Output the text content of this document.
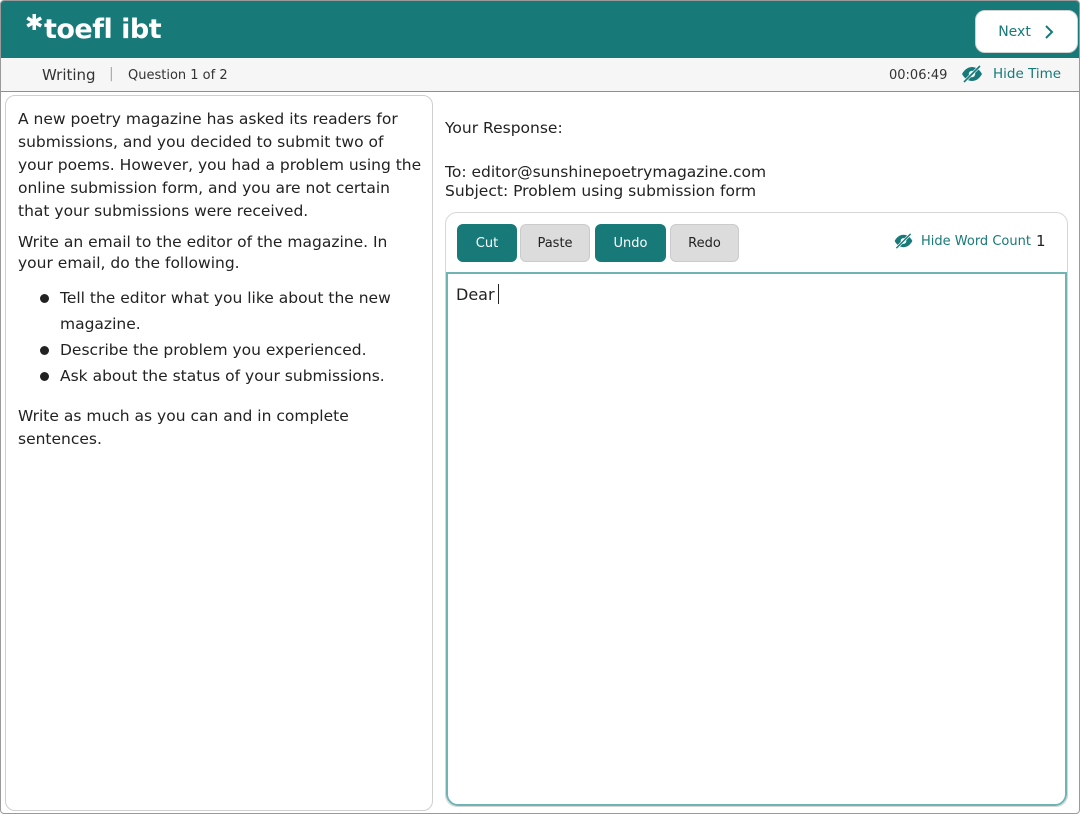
✱toefl ibt	Next
Writing | Question 1 of 2	00:06:49	Hide Time

A new poetry magazine has asked its readers for submissions, and you decided to submit two of your poems. However, you had a problem using the online submission form, and you are not certain that your submissions were received.

Write an email to the editor of the magazine. In your email, do the following.

Tell the editor what you like about the new magazine.
Describe the problem you experienced.
Ask about the status of your submissions.

Write as much as you can and in complete sentences.

Your Response:
To: editor@sunshinepoetrymagazine.com
Subject: Problem using submission form
Cut	Paste	Undo	Redo	Hide Word Count 1
Dear
